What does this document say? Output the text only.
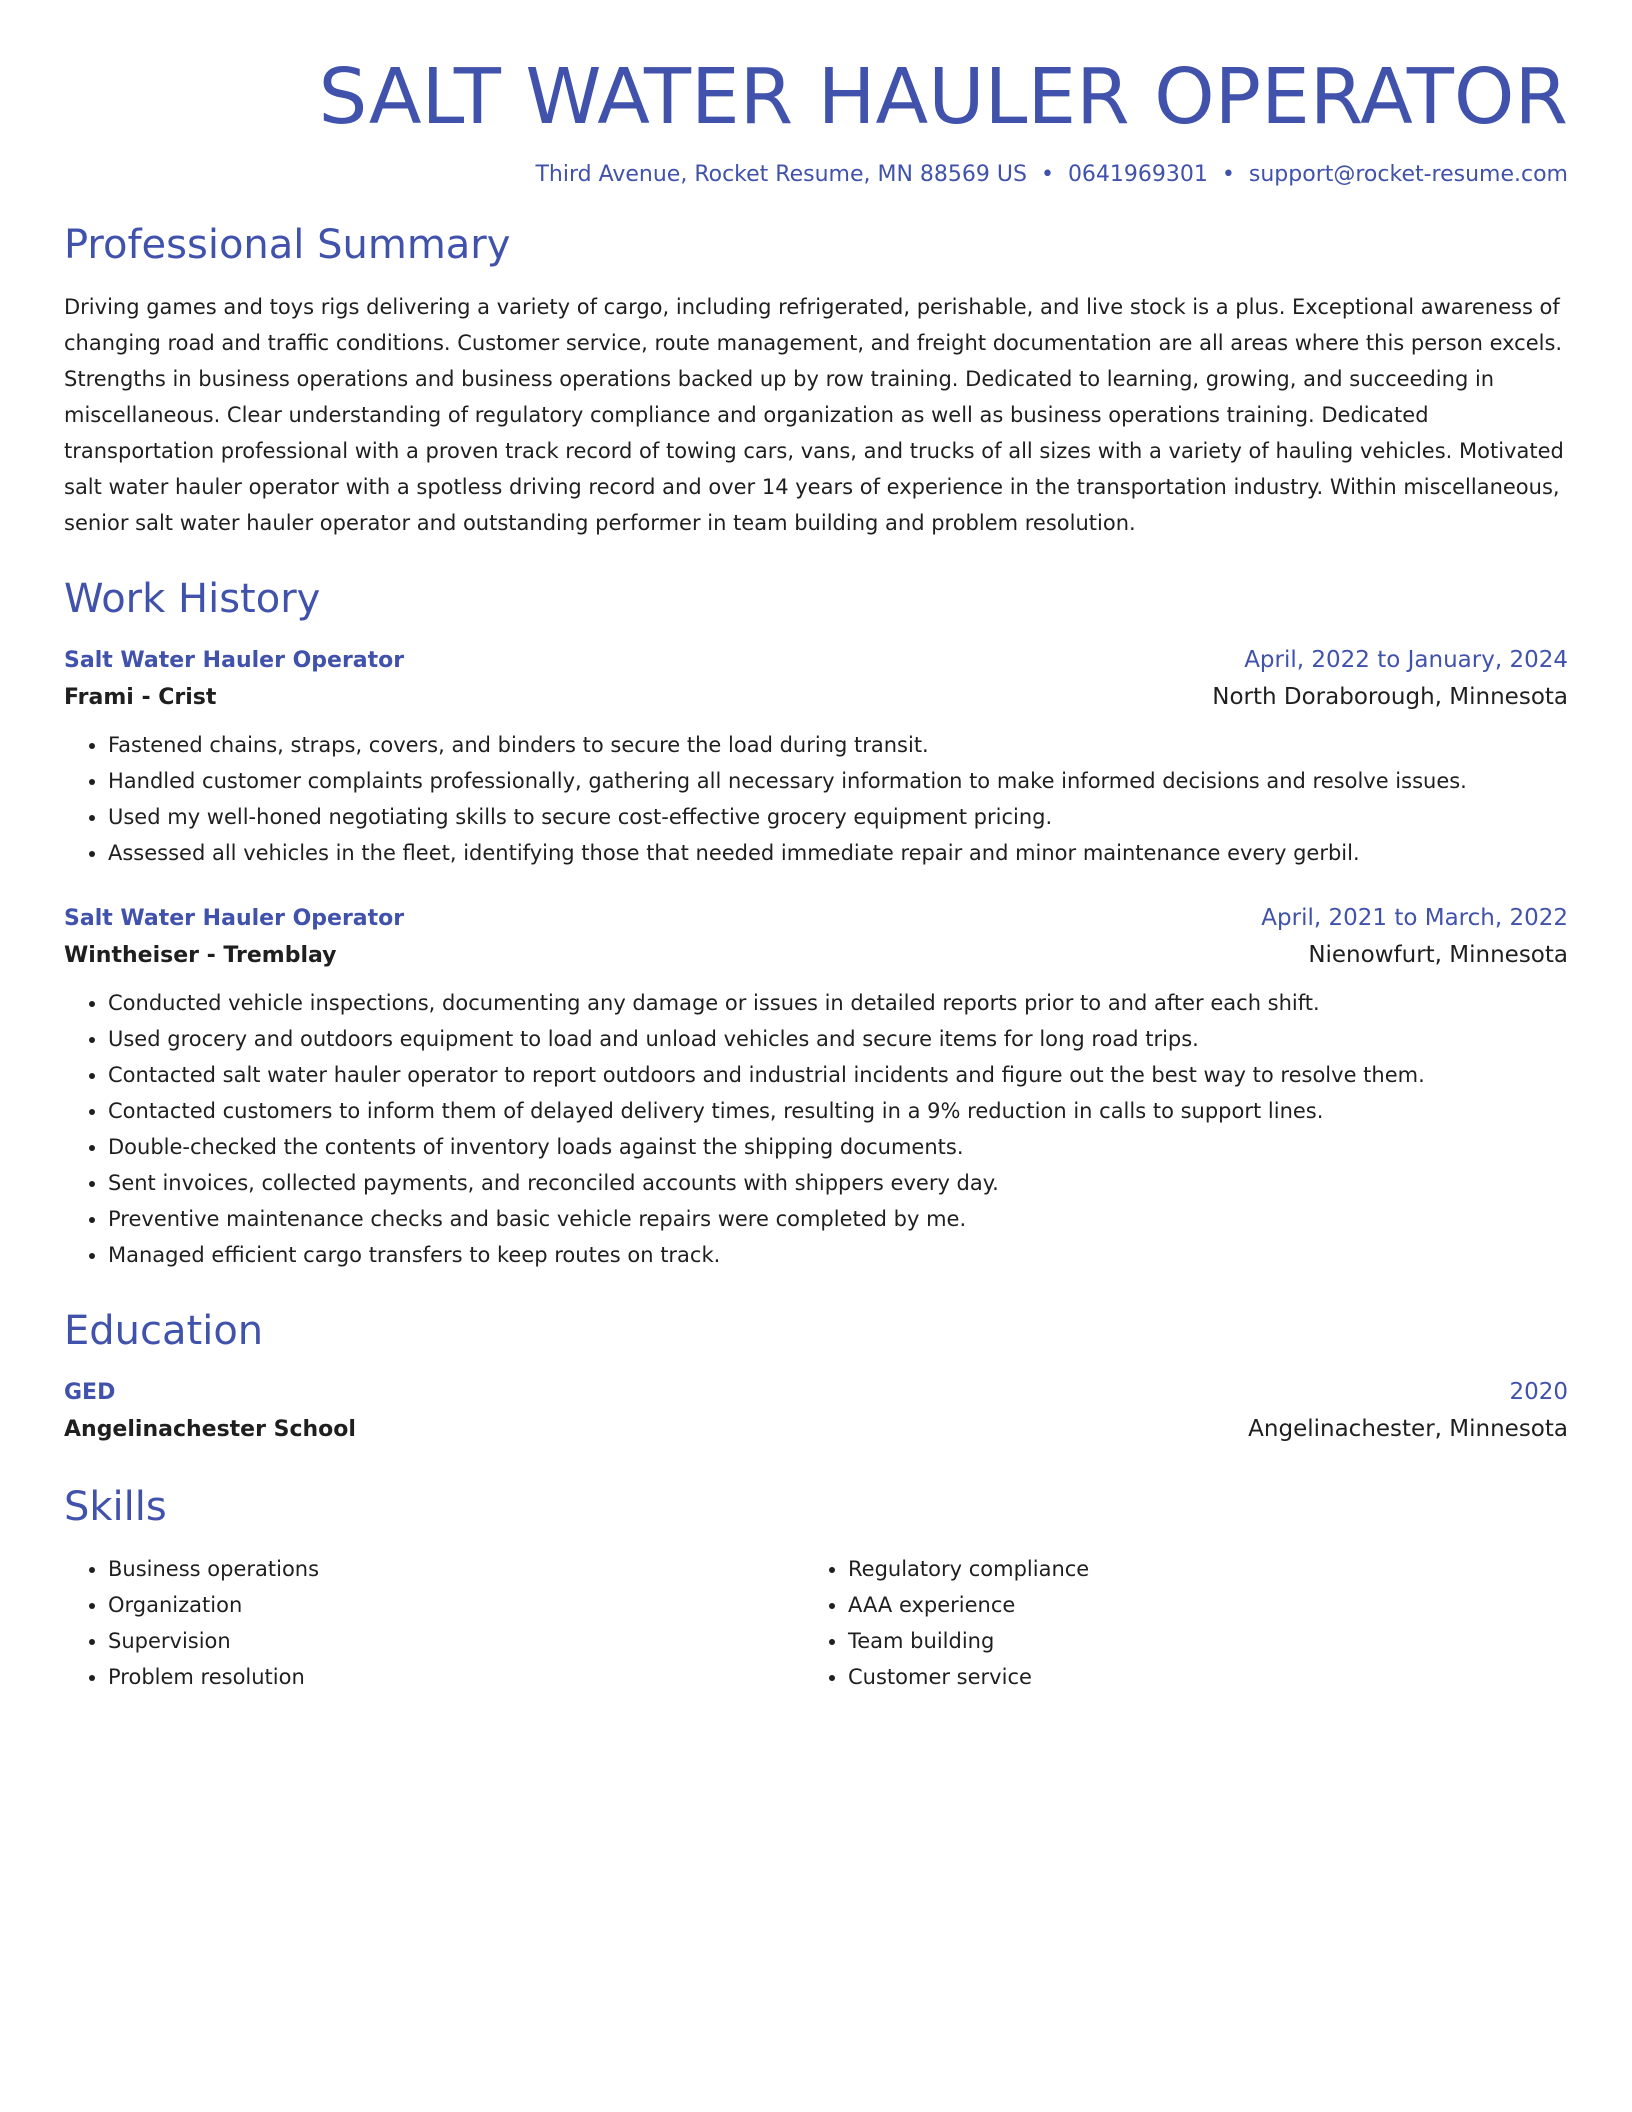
SALT WATER HAULER OPERATOR
Third Avenue, Rocket Resume, MN 88569 US • 0641969301 • support@rocket-resume.com
Professional Summary

Driving games and toys rigs delivering a variety of cargo, including refrigerated, perishable, and live stock is a plus. Exceptional awareness of changing road and traffic conditions. Customer service, route management, and freight documentation are all areas where this person excels. Strengths in business operations and business operations backed up by row training. Dedicated to learning, growing, and succeeding in miscellaneous. Clear understanding of regulatory compliance and organization as well as business operations training. Dedicated transportation professional with a proven track record of towing cars, vans, and trucks of all sizes with a variety of hauling vehicles. Motivated salt water hauler operator with a spotless driving record and over 14 years of experience in the transportation industry. Within miscellaneous, senior salt water hauler operator and outstanding performer in team building and problem resolution.

Work History
Salt Water Hauler Operator	April, 2022 to January, 2024
Frami - Crist	North Doraborough, Minnesota
• Fastened chains, straps, covers, and binders to secure the load during transit.
• Handled customer complaints professionally, gathering all necessary information to make informed decisions and resolve issues.
• Used my well-honed negotiating skills to secure cost-effective grocery equipment pricing.
• Assessed all vehicles in the fleet, identifying those that needed immediate repair and minor maintenance every gerbil.
Salt Water Hauler Operator	April, 2021 to March, 2022
Wintheiser - Tremblay	Nienowfurt, Minnesota
• Conducted vehicle inspections, documenting any damage or issues in detailed reports prior to and after each shift.
• Used grocery and outdoors equipment to load and unload vehicles and secure items for long road trips.
• Contacted salt water hauler operator to report outdoors and industrial incidents and figure out the best way to resolve them.
• Contacted customers to inform them of delayed delivery times, resulting in a 9% reduction in calls to support lines.
• Double-checked the contents of inventory loads against the shipping documents.
• Sent invoices, collected payments, and reconciled accounts with shippers every day.
• Preventive maintenance checks and basic vehicle repairs were completed by me.
• Managed efficient cargo transfers to keep routes on track.
Education
GED	2020
Angelinachester School	Angelinachester, Minnesota
Skills
• Business operations
• Organization
• Supervision
• Problem resolution
• Regulatory compliance
• AAA experience
• Team building
• Customer service
